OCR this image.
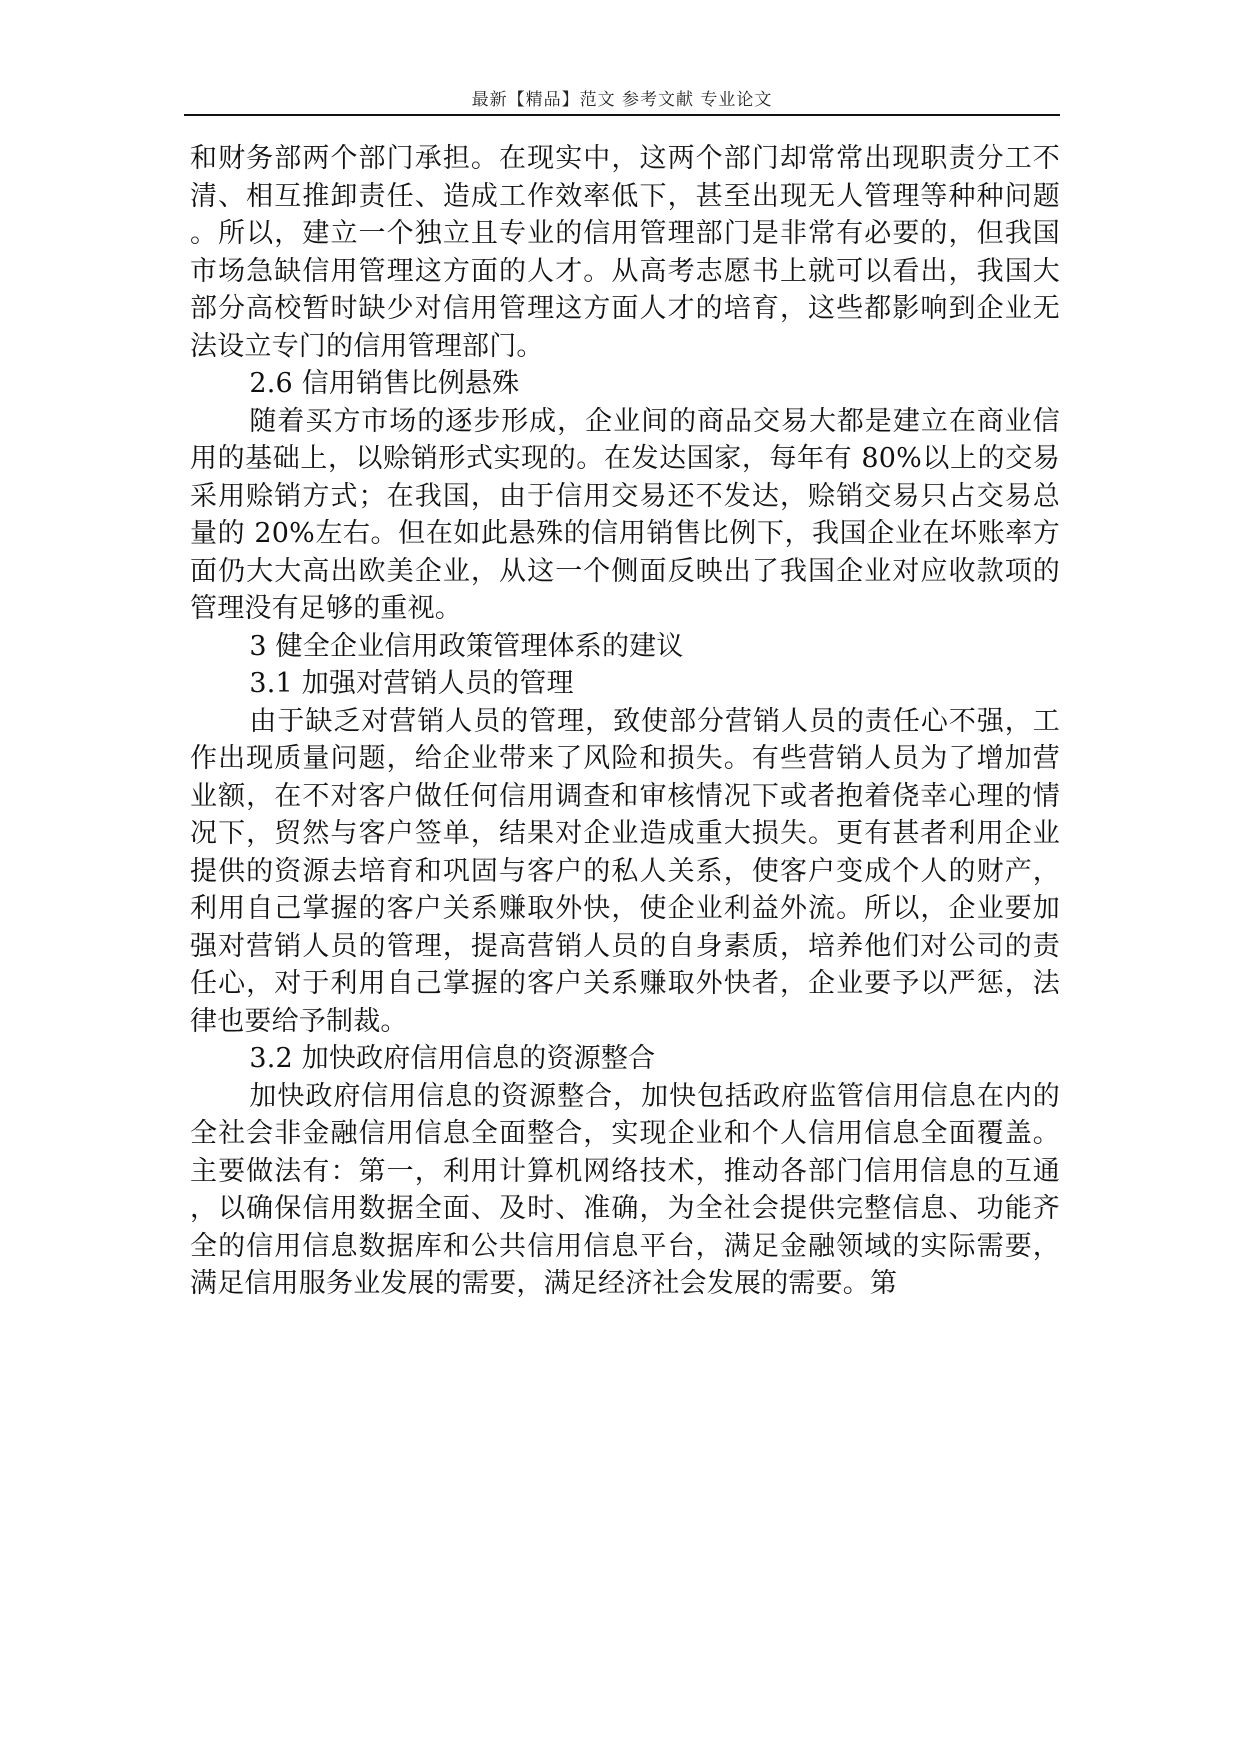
最新【精品】范文 参考文献 专业论文

和财务部两个部门承担。在现实中，这两个部门却常常出现职责分工不清、相互推卸责任、造成工作效率低下，甚至出现无人管理等种种问题。所以，建立一个独立且专业的信用管理部门是非常有必要的，但我国市场急缺信用管理这方面的人才。从高考志愿书上就可以看出，我国大部分高校暂时缺少对信用管理这方面人才的培育，这些都影响到企业无法设立专门的信用管理部门。

2.6 信用销售比例悬殊

随着买方市场的逐步形成，企业间的商品交易大都是建立在商业信用的基础上，以赊销形式实现的。在发达国家，每年有 80%以上的交易采用赊销方式；在我国，由于信用交易还不发达，赊销交易只占交易总量的 20%左右。但在如此悬殊的信用销售比例下，我国企业在坏账率方面仍大大高出欧美企业，从这一个侧面反映出了我国企业对应收款项的管理没有足够的重视。

3 健全企业信用政策管理体系的建议

3.1 加强对营销人员的管理

由于缺乏对营销人员的管理，致使部分营销人员的责任心不强，工作出现质量问题，给企业带来了风险和损失。有些营销人员为了增加营业额，在不对客户做任何信用调查和审核情况下或者抱着侥幸心理的情况下，贸然与客户签单，结果对企业造成重大损失。更有甚者利用企业提供的资源去培育和巩固与客户的私人关系，使客户变成个人的财产，利用自己掌握的客户关系赚取外快，使企业利益外流。所以，企业要加强对营销人员的管理，提高营销人员的自身素质，培养他们对公司的责任心，对于利用自己掌握的客户关系赚取外快者，企业要予以严惩，法律也要给予制裁。

3.2 加快政府信用信息的资源整合

加快政府信用信息的资源整合，加快包括政府监管信用信息在内的全社会非金融信用信息全面整合，实现企业和个人信用信息全面覆盖。主要做法有：第一，利用计算机网络技术，推动各部门信用信息的互通，以确保信用数据全面、及时、准确，为全社会提供完整信息、功能齐全的信用信息数据库和公共信用信息平台，满足金融领域的实际需要，满足信用服务业发展的需要，满足经济社会发展的需要。第
